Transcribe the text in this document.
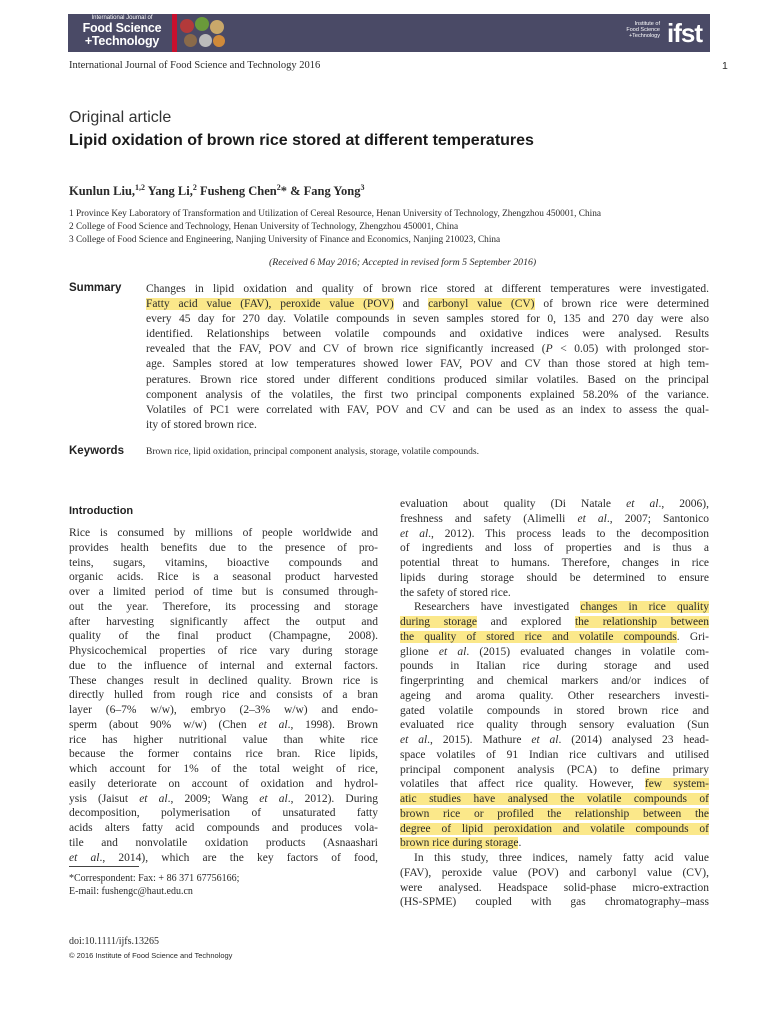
International Journal of
Food Science
+Technology
Institute of
Food Science
+Technology ifst
International Journal of Food Science and Technology 2016	1
Original article
Lipid oxidation of brown rice stored at different temperatures
Kunlun Liu,$^{1,2}$ Yang Li,$^2$ Fusheng Chen$^2$* & Fang Yong$^3$
1 Province Key Laboratory of Transformation and Utilization of Cereal Resource, Henan University of Technology, Zhengzhou 450001, China
2 College of Food Science and Technology, Henan University of Technology, Zhengzhou 450001, China
3 College of Food Science and Engineering, Nanjing University of Finance and Economics, Nanjing 210023, China
(Received 6 May 2016; Accepted in revised form 5 September 2016)
Summary Changes in lipid oxidation and quality of brown rice stored at different temperatures were investigated.
Fatty acid value (FAV), peroxide value (POV) and carbonyl value (CV) of brown rice were determined
every 45 day for 270 day. Volatile compounds in seven samples stored for 0, 135 and 270 day were also
identified. Relationships between volatile compounds and oxidative indices were analysed. Results
revealed that the FAV, POV and CV of brown rice significantly increased (P < 0.05) with prolonged stor-
age. Samples stored at low temperatures showed lower FAV, POV and CV than those stored at high tem-
peratures. Brown rice stored under different conditions produced similar volatiles. Based on the principal
component analysis of the volatiles, the first two principal components explained 58.20% of the variance.
Volatiles of PC1 were correlated with FAV, POV and CV and can be used as an index to assess the qual-
ity of stored brown rice.
Keywords Brown rice, lipid oxidation, principal component analysis, storage, volatile compounds.
Introduction
Rice is consumed by millions of people worldwide and
provides health benefits due to the presence of pro-
teins, sugars, vitamins, bioactive compounds and
organic acids. Rice is a seasonal product harvested
over a limited period of time but is consumed through-
out the year. Therefore, its processing and storage
after harvesting significantly affect the output and
quality of the final product (Champagne, 2008).
Physicochemical properties of rice vary during storage
due to the influence of internal and external factors.
These changes result in declined quality. Brown rice is
directly hulled from rough rice and consists of a bran
layer (6–7% w/w), embryo (2–3% w/w) and endo-
sperm (about 90% w/w) (Chen et al., 1998). Brown
rice has higher nutritional value than white rice
because the former contains rice bran. Rice lipids,
which account for 1% of the total weight of rice,
easily deteriorate on account of oxidation and hydrol-
ysis (Jaisut et al., 2009; Wang et al., 2012). During
decomposition, polymerisation of unsaturated fatty
acids alters fatty acid compounds and produces vola-
tile and nonvolatile oxidation products (Asnaashari
et al., 2014), which are the key factors of food,
evaluation about quality (Di Natale et al., 2006),
freshness and safety (Alimelli et al., 2007; Santonico
et al., 2012). This process leads to the decomposition
of ingredients and loss of properties and is thus a
potential threat to humans. Therefore, changes in rice
lipids during storage should be determined to ensure
the safety of stored rice.
Researchers have investigated changes in rice quality
during storage and explored the relationship between
the quality of stored rice and volatile compounds. Gri-
glione et al. (2015) evaluated changes in volatile com-
pounds in Italian rice during storage and used
fingerprinting and chemical markers and/or indices of
ageing and aroma quality. Other researchers investi-
gated volatile compounds in stored brown rice and
evaluated rice quality through sensory evaluation (Sun
et al., 2015). Mathure et al. (2014) analysed 23 head-
space volatiles of 91 Indian rice cultivars and utilised
principal component analysis (PCA) to define primary
volatiles that affect rice quality. However, few system-
atic studies have analysed the volatile compounds of
brown rice or profiled the relationship between the
degree of lipid peroxidation and volatile compounds of
brown rice during storage.
In this study, three indices, namely fatty acid value
(FAV), peroxide value (POV) and carbonyl value (CV),
were analysed. Headspace solid-phase micro-extraction
(HS-SPME) coupled with gas chromatography–mass
*Correspondent: Fax: + 86 371 67756166;
E-mail: fushengc@haut.edu.cn
doi:10.1111/ijfs.13265
© 2016 Institute of Food Science and Technology
